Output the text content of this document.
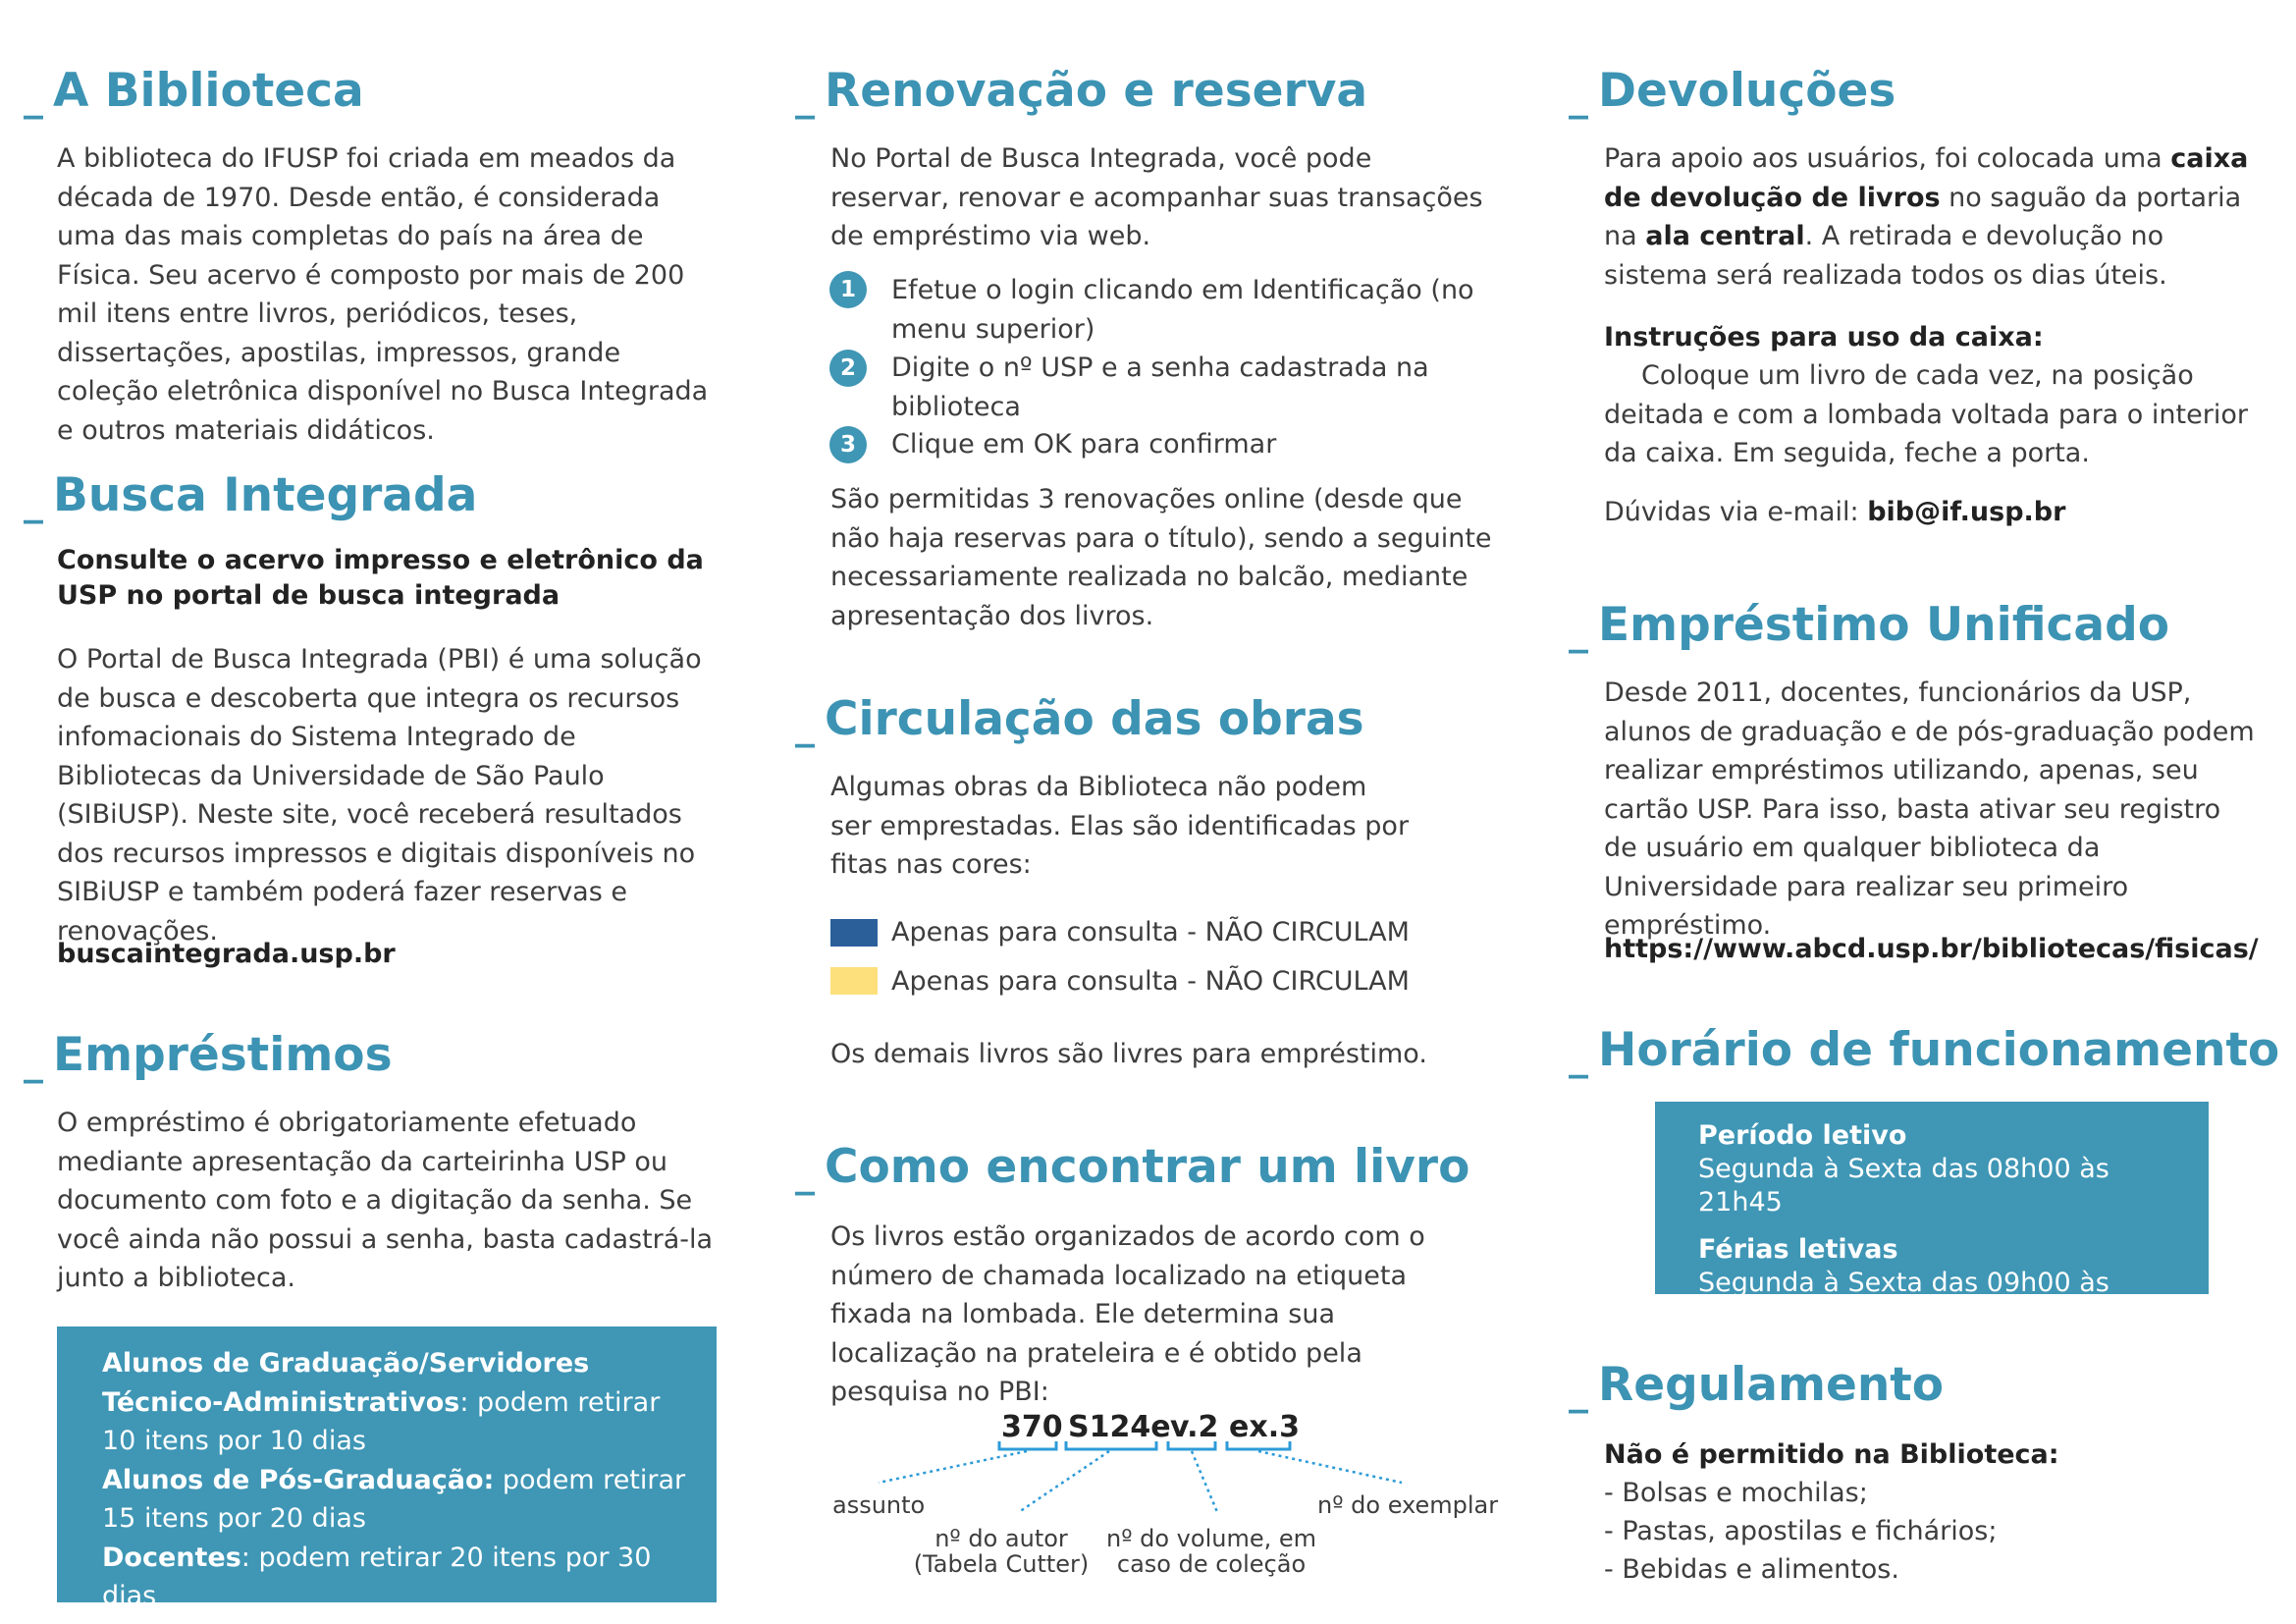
_ A Biblioteca
A biblioteca do IFUSP foi criada em meados da década de 1970. Desde então, é considerada uma das mais completas do país na área de Física. Seu acervo é composto por mais de 200 mil itens entre livros, periódicos, teses, dissertações, apostilas, impressos, grande coleção eletrônica disponível no Busca Integrada e outros materiais didáticos.
_ Busca Integrada
Consulte o acervo impresso e eletrônico da USP no portal de busca integrada
O Portal de Busca Integrada (PBI) é uma solução de busca e descoberta que integra os recursos infomacionais do Sistema Integrado de Bibliotecas da Universidade de São Paulo (SIBiUSP). Neste site, você receberá resultados dos recursos impressos e digitais disponíveis no SIBiUSP e também poderá fazer reservas e renovações.
buscaintegrada.usp.br
_ Empréstimos
O empréstimo é obrigatoriamente efetuado mediante apresentação da carteirinha USP ou documento com foto e a digitação da senha. Se você ainda não possui a senha, basta cadastrá-la junto a biblioteca.
Alunos de Graduação/Servidores Técnico-Administrativos: podem retirar 10 itens por 10 dias
Alunos de Pós-Graduação: podem retirar 15 itens por 20 dias
Docentes: podem retirar 20 itens por 30 dias
_ Renovação e reserva
No Portal de Busca Integrada, você pode reservar, renovar e acompanhar suas transações de empréstimo via web.
1	Efetue o login clicando em Identificação (no menu superior)
2	Digite o nº USP e a senha cadastrada na biblioteca
3	Clique em OK para confirmar
São permitidas 3 renovações online (desde que não haja reservas para o título), sendo a seguinte necessariamente realizada no balcão, mediante apresentação dos livros.
_ Circulação das obras
Algumas obras da Biblioteca não podem ser emprestadas. Elas são identificadas por fitas nas cores:
Apenas para consulta - NÃO CIRCULAM
Apenas para consulta - NÃO CIRCULAM
Os demais livros são livres para empréstimo.
_ Como encontrar um livro
Os livros estão organizados de acordo com o número de chamada localizado na etiqueta fixada na lombada. Ele determina sua localização na prateleira e é obtido pela pesquisa no PBI:
370 S124e v.2 ex.3
assunto
nº do autor
(Tabela Cutter)
nº do volume, em
caso de coleção
nº do exemplar
_ Devoluções
Para apoio aos usuários, foi colocada uma caixa de devolução de livros no saguão da portaria na ala central. A retirada e devolução no sistema será realizada todos os dias úteis.
Instruções para uso da caixa:
Coloque um livro de cada vez, na posição deitada e com a lombada voltada para o interior da caixa. Em seguida, feche a porta.
Dúvidas via e-mail: bib@if.usp.br
_ Empréstimo Unificado
Desde 2011, docentes, funcionários da USP, alunos de graduação e de pós-graduação podem realizar empréstimos utilizando, apenas, seu cartão USP. Para isso, basta ativar seu registro de usuário em qualquer biblioteca da Universidade para realizar seu primeiro empréstimo.
https://www.abcd.usp.br/bibliotecas/fisicas/
_ Horário de funcionamento
Período letivo
Segunda à Sexta das 08h00 às 21h45

Férias letivas
Segunda à Sexta das 09h00 às 19h00
_ Regulamento
Não é permitido na Biblioteca:
- Bolsas e mochilas;
- Pastas, apostilas e fichários;
- Bebidas e alimentos.
